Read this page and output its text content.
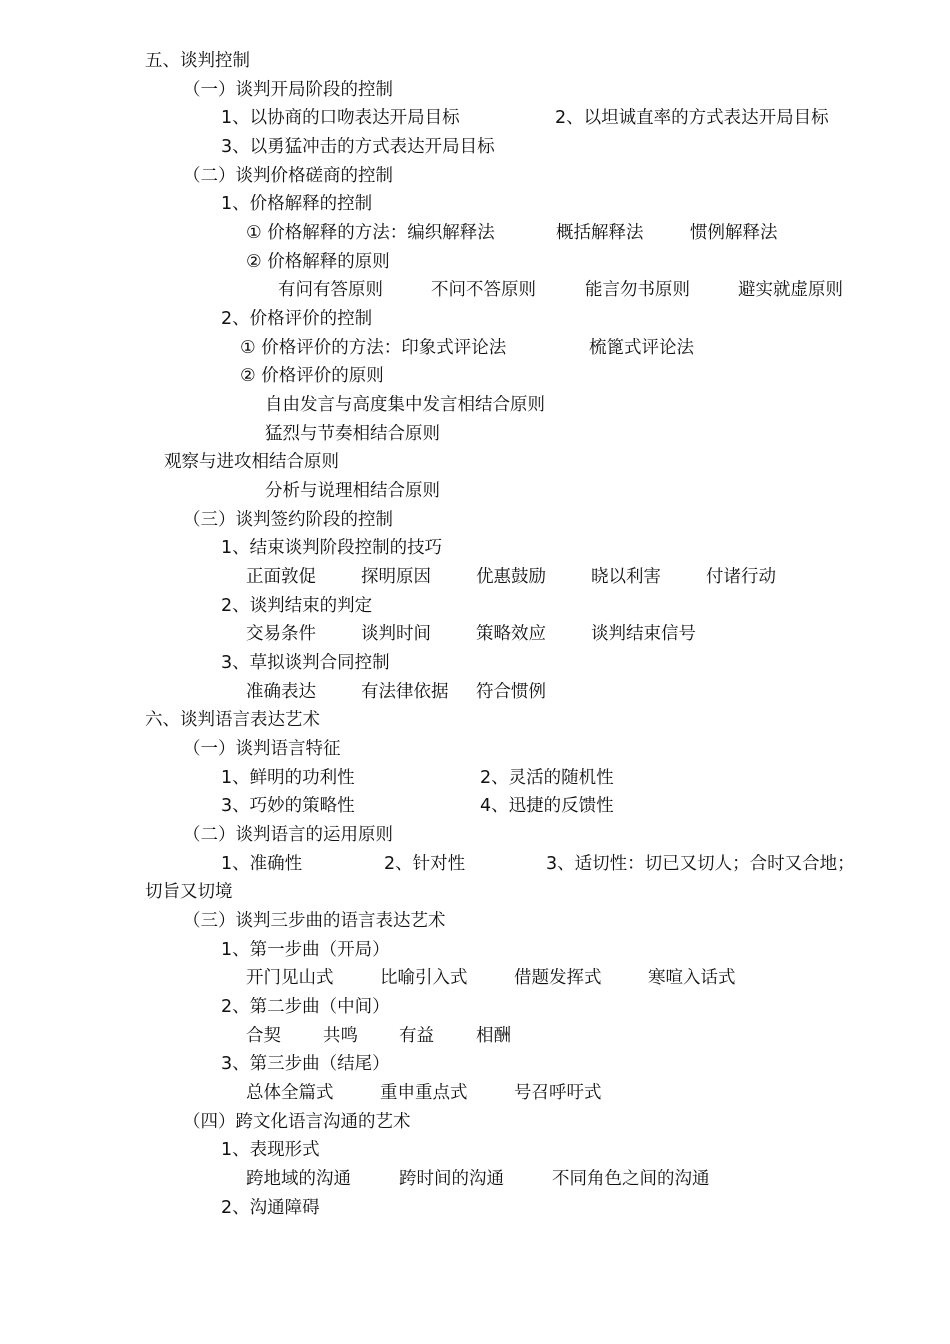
五、谈判控制
（一）谈判开局阶段的控制
1、以协商的口吻表达开局目标	2、以坦诚直率的方式表达开局目标
3、以勇猛冲击的方式表达开局目标
（二）谈判价格磋商的控制
1、价格解释的控制
① 价格解释的方法：编织解释法	概括解释法	惯例解释法
② 价格解释的原则
有问有答原则	不问不答原则	能言勿书原则	避实就虚原则
2、价格评价的控制
① 价格评价的方法：印象式评论法	梳篦式评论法
② 价格评价的原则
自由发言与高度集中发言相结合原则
猛烈与节奏相结合原则
观察与进攻相结合原则
分析与说理相结合原则
（三）谈判签约阶段的控制
1、结束谈判阶段控制的技巧
正面敦促	探明原因	优惠鼓励	晓以利害	付诸行动
2、谈判结束的判定
交易条件	谈判时间	策略效应	谈判结束信号
3、草拟谈判合同控制
准确表达	有法律依据 符合惯例
六、谈判语言表达艺术
（一）谈判语言特征
1、鲜明的功利性	2、灵活的随机性
3、巧妙的策略性	4、迅捷的反馈性
（二）谈判语言的运用原则
1、准确性	2、针对性	3、适切性：切已又切人；合时又合地；
切旨又切境
（三）谈判三步曲的语言表达艺术
1、第一步曲（开局）
开门见山式	比喻引入式	借题发挥式	寒喧入话式
2、第二步曲（中间）
合契 共鸣 有益 相酬
3、第三步曲（结尾）
总体全篇式	重申重点式	号召呼吁式
（四）跨文化语言沟通的艺术
1、表现形式
跨地域的沟通	跨时间的沟通	不同角色之间的沟通
2、沟通障碍
